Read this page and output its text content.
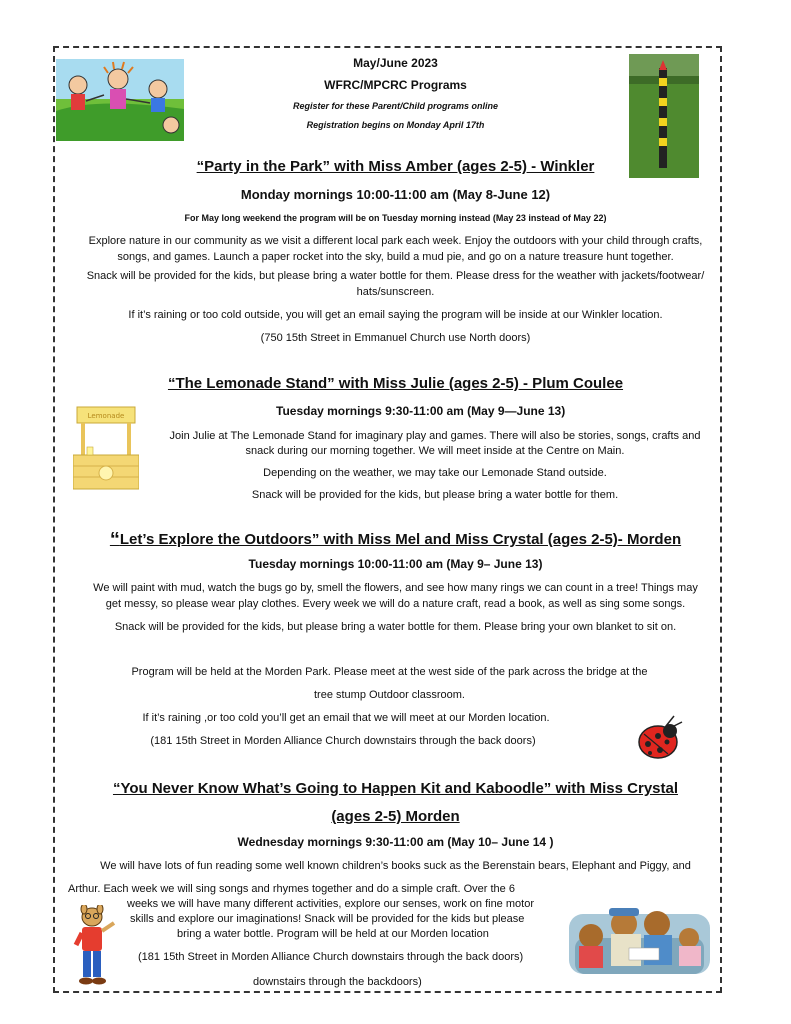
May/June 2023
WFRC/MPCRC Programs
Register for these Parent/Child programs online
Registration begins on Monday April 17th
“Party in the Park” with Miss Amber (ages 2-5) - Winkler
Monday mornings 10:00-11:00 am (May 8-June 12)
For May long weekend the program will be on Tuesday morning instead (May 23 instead of May 22)
Explore nature in our community as we visit a different local park each week. Enjoy the outdoors with your child through crafts,
songs, and games. Launch a paper rocket into the sky, build a mud pie, and go on a nature treasure hunt together.
Snack will be provided for the kids, but please bring a water bottle for them. Please dress for the weather with jackets/footwear/
hats/sunscreen.
If it’s raining or too cold outside, you will get an email saying the program will be inside at our Winkler location.
(750 15th Street in Emmanuel Church use North doors)
“The Lemonade Stand” with Miss Julie (ages 2-5) - Plum Coulee
Lemonade	Tuesday mornings 9:30-11:00 am (May 9—June 13)
Join Julie at The Lemonade Stand for imaginary play and games. There will also be stories, songs, crafts and
snack during our morning together. We will meet inside at the Centre on Main.
Depending on the weather, we may take our Lemonade Stand outside.
Snack will be provided for the kids, but please bring a water bottle for them.
“Let’s Explore the Outdoors” with Miss Mel and Miss Crystal (ages 2-5)- Morden
Tuesday mornings 10:00-11:00 am (May 9– June 13)
We will paint with mud, watch the bugs go by, smell the flowers, and see how many rings we can count in a tree! Things may
get messy, so please wear play clothes. Every week we will do a nature craft, read a book, as well as sing some songs.
Snack will be provided for the kids, but please bring a water bottle for them. Please bring your own blanket to sit on.
Program will be held at the Morden Park. Please meet at the west side of the park across the bridge at the
tree stump Outdoor classroom.
If it’s raining ,or too cold you’ll get an email that we will meet at our Morden location.
(181 15th Street in Morden Alliance Church downstairs through the back doors)
“You Never Know What’s Going to Happen Kit and Kaboodle” with Miss Crystal
(ages 2-5) Morden
Wednesday mornings 9:30-11:00 am (May 10– June 14 )
We will have lots of fun reading some well known children’s books suck as the Berenstain bears, Elephant and Piggy, and
Arthur. Each week we will sing songs and rhymes together and do a simple craft. Over the 6
weeks we will have many different activities, explore our senses, work on fine motor
skills and explore our imaginations! Snack will be provided for the kids but please
bring a water bottle. Program will be held at our Morden location
(181 15th Street in Morden Alliance Church downstairs through the back doors)
downstairs through the backdoors)
